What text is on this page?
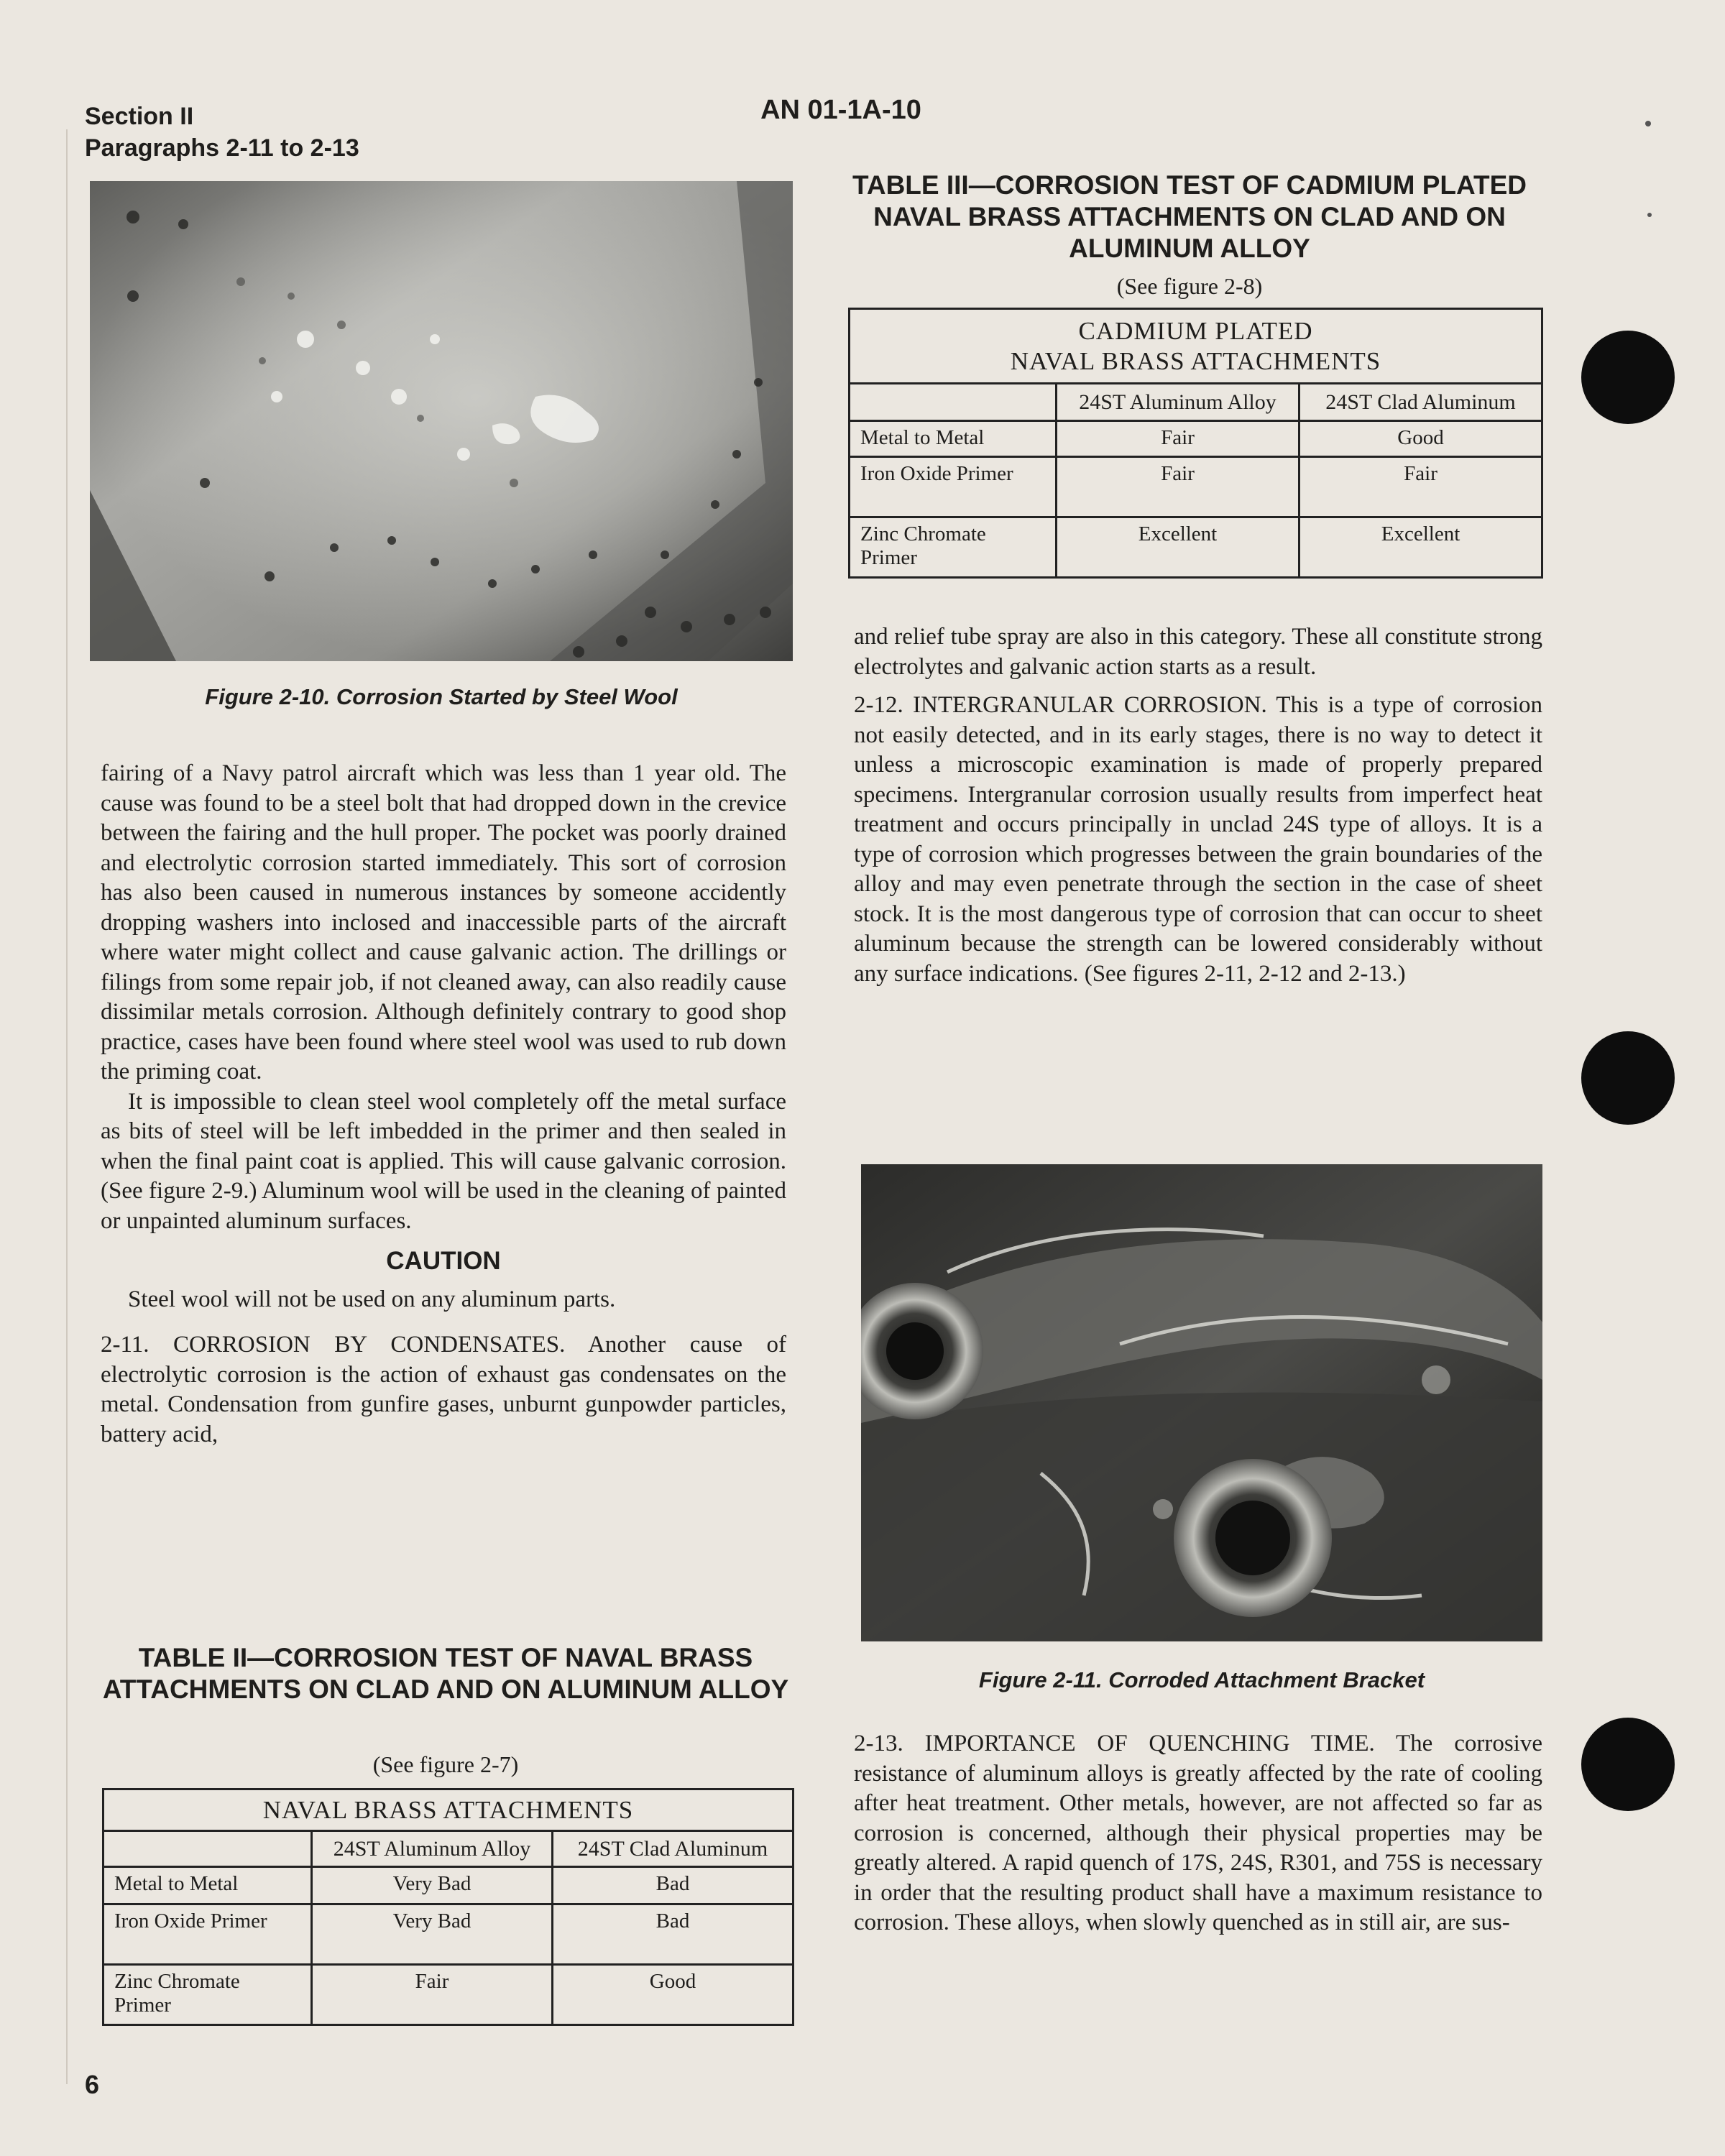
Section II
Paragraphs 2-11 to 2-13
AN 01-1A-10
Figure 2-10. Corrosion Started by Steel Wool

fairing of a Navy patrol aircraft which was less than 1 year old. The cause was found to be a steel bolt that had dropped down in the crevice between the fairing and the hull proper. The pocket was poorly drained and electrolytic corrosion started immediately. This sort of corrosion has also been caused in numerous instances by someone accidently dropping washers into inclosed and inaccessible parts of the aircraft where water might collect and cause galvanic action. The drillings or filings from some repair job, if not cleaned away, can also readily cause dissimilar metals corrosion. Although definitely contrary to good shop practice, cases have been found where steel wool was used to rub down the priming coat.

It is impossible to clean steel wool completely off the metal surface as bits of steel will be left imbedded in the primer and then sealed in when the final paint coat is applied. This will cause galvanic corrosion. (See figure 2-9.) Aluminum wool will be used in the cleaning of painted or unpainted aluminum surfaces.

CAUTION

Steel wool will not be used on any aluminum parts.

2-11. CORROSION BY CONDENSATES. Another cause of electrolytic corrosion is the action of exhaust gas condensates on the metal. Condensation from gunfire gases, unburnt gunpowder particles, battery acid,

TABLE II—CORROSION TEST OF NAVAL BRASS ATTACHMENTS ON CLAD AND ON ALUMINUM ALLOY
(See figure 2-7)
NAVAL BRASS ATTACHMENTS		
	24ST Aluminum Alloy	24ST Clad Aluminum
Metal to Metal	Very Bad	Bad
Iron Oxide Primer	Very Bad	Bad
Zinc Chromate Primer	Fair	Good
TABLE III—CORROSION TEST OF CADMIUM PLATED NAVAL BRASS ATTACHMENTS ON CLAD AND ON ALUMINUM ALLOY
(See figure 2-8)
CADMIUM PLATED
NAVAL BRASS ATTACHMENTS		

	24ST Aluminum Alloy	24ST Clad Aluminum
Metal to Metal	Fair	Good
Iron Oxide Primer	Fair	Fair
Zinc Chromate Primer	Excellent	Excellent

and relief tube spray are also in this category. These all constitute strong electrolytes and galvanic action starts as a result.

2-12. INTERGRANULAR CORROSION. This is a type of corrosion not easily detected, and in its early stages, there is no way to detect it unless a microscopic examination is made of properly prepared specimens. Intergranular corrosion usually results from imperfect heat treatment and occurs principally in unclad 24S type of alloys. It is a type of corrosion which progresses between the grain boundaries of the alloy and may even penetrate through the section in the case of sheet stock. It is the most dangerous type of corrosion that can occur to sheet aluminum because the strength can be lowered considerably without any surface indications. (See figures 2-11, 2-12 and 2-13.)

Figure 2-11. Corroded Attachment Bracket

2-13. IMPORTANCE OF QUENCHING TIME. The corrosive resistance of aluminum alloys is greatly affected by the rate of cooling after heat treatment. Other metals, however, are not affected so far as corrosion is concerned, although their physical properties may be greatly altered. A rapid quench of 17S, 24S, R301, and 75S is necessary in order that the resulting product shall have a maximum resistance to corrosion. These alloys, when slowly quenched as in still air, are sus-

6
